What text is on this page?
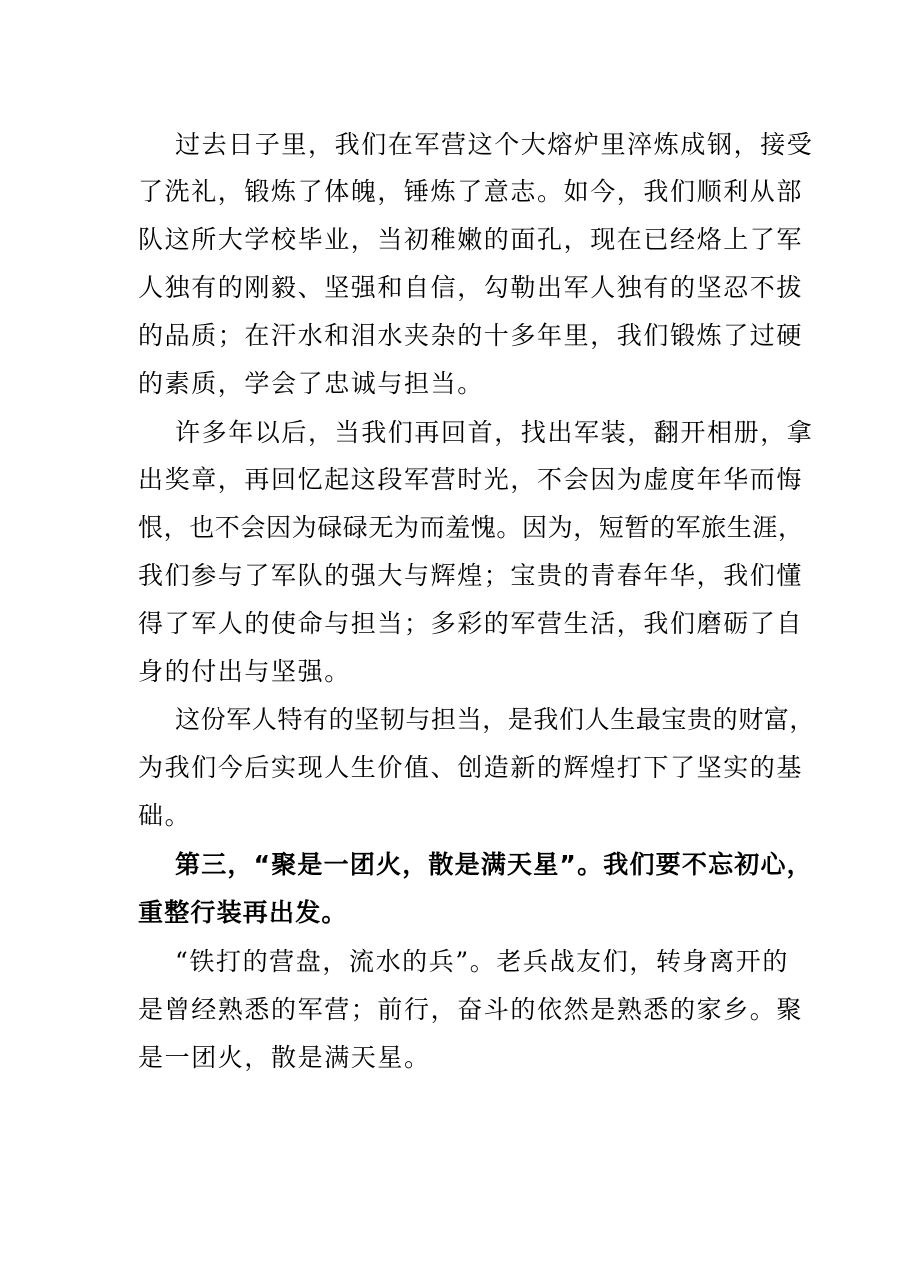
过去日子里，我们在军营这个大熔炉里淬炼成钢，接受
了洗礼，锻炼了体魄，锤炼了意志。如今，我们顺利从部
队这所大学校毕业，当初稚嫩的面孔，现在已经烙上了军
人独有的刚毅、坚强和自信，勾勒出军人独有的坚忍不拔
的品质；在汗水和泪水夹杂的十多年里，我们锻炼了过硬
的素质，学会了忠诚与担当。
许多年以后，当我们再回首，找出军装，翻开相册，拿
出奖章，再回忆起这段军营时光，不会因为虚度年华而悔
恨，也不会因为碌碌无为而羞愧。因为，短暂的军旅生涯，
我们参与了军队的强大与辉煌；宝贵的青春年华，我们懂
得了军人的使命与担当；多彩的军营生活，我们磨砺了自
身的付出与坚强。
这份军人特有的坚韧与担当，是我们人生最宝贵的财富，
为我们今后实现人生价值、创造新的辉煌打下了坚实的基
础。
第三，“聚是一团火，散是满天星”。我们要不忘初心，
重整行装再出发。
“铁打的营盘，流水的兵”。老兵战友们，转身离开的
是曾经熟悉的军营；前行，奋斗的依然是熟悉的家乡。聚
是一团火，散是满天星。
